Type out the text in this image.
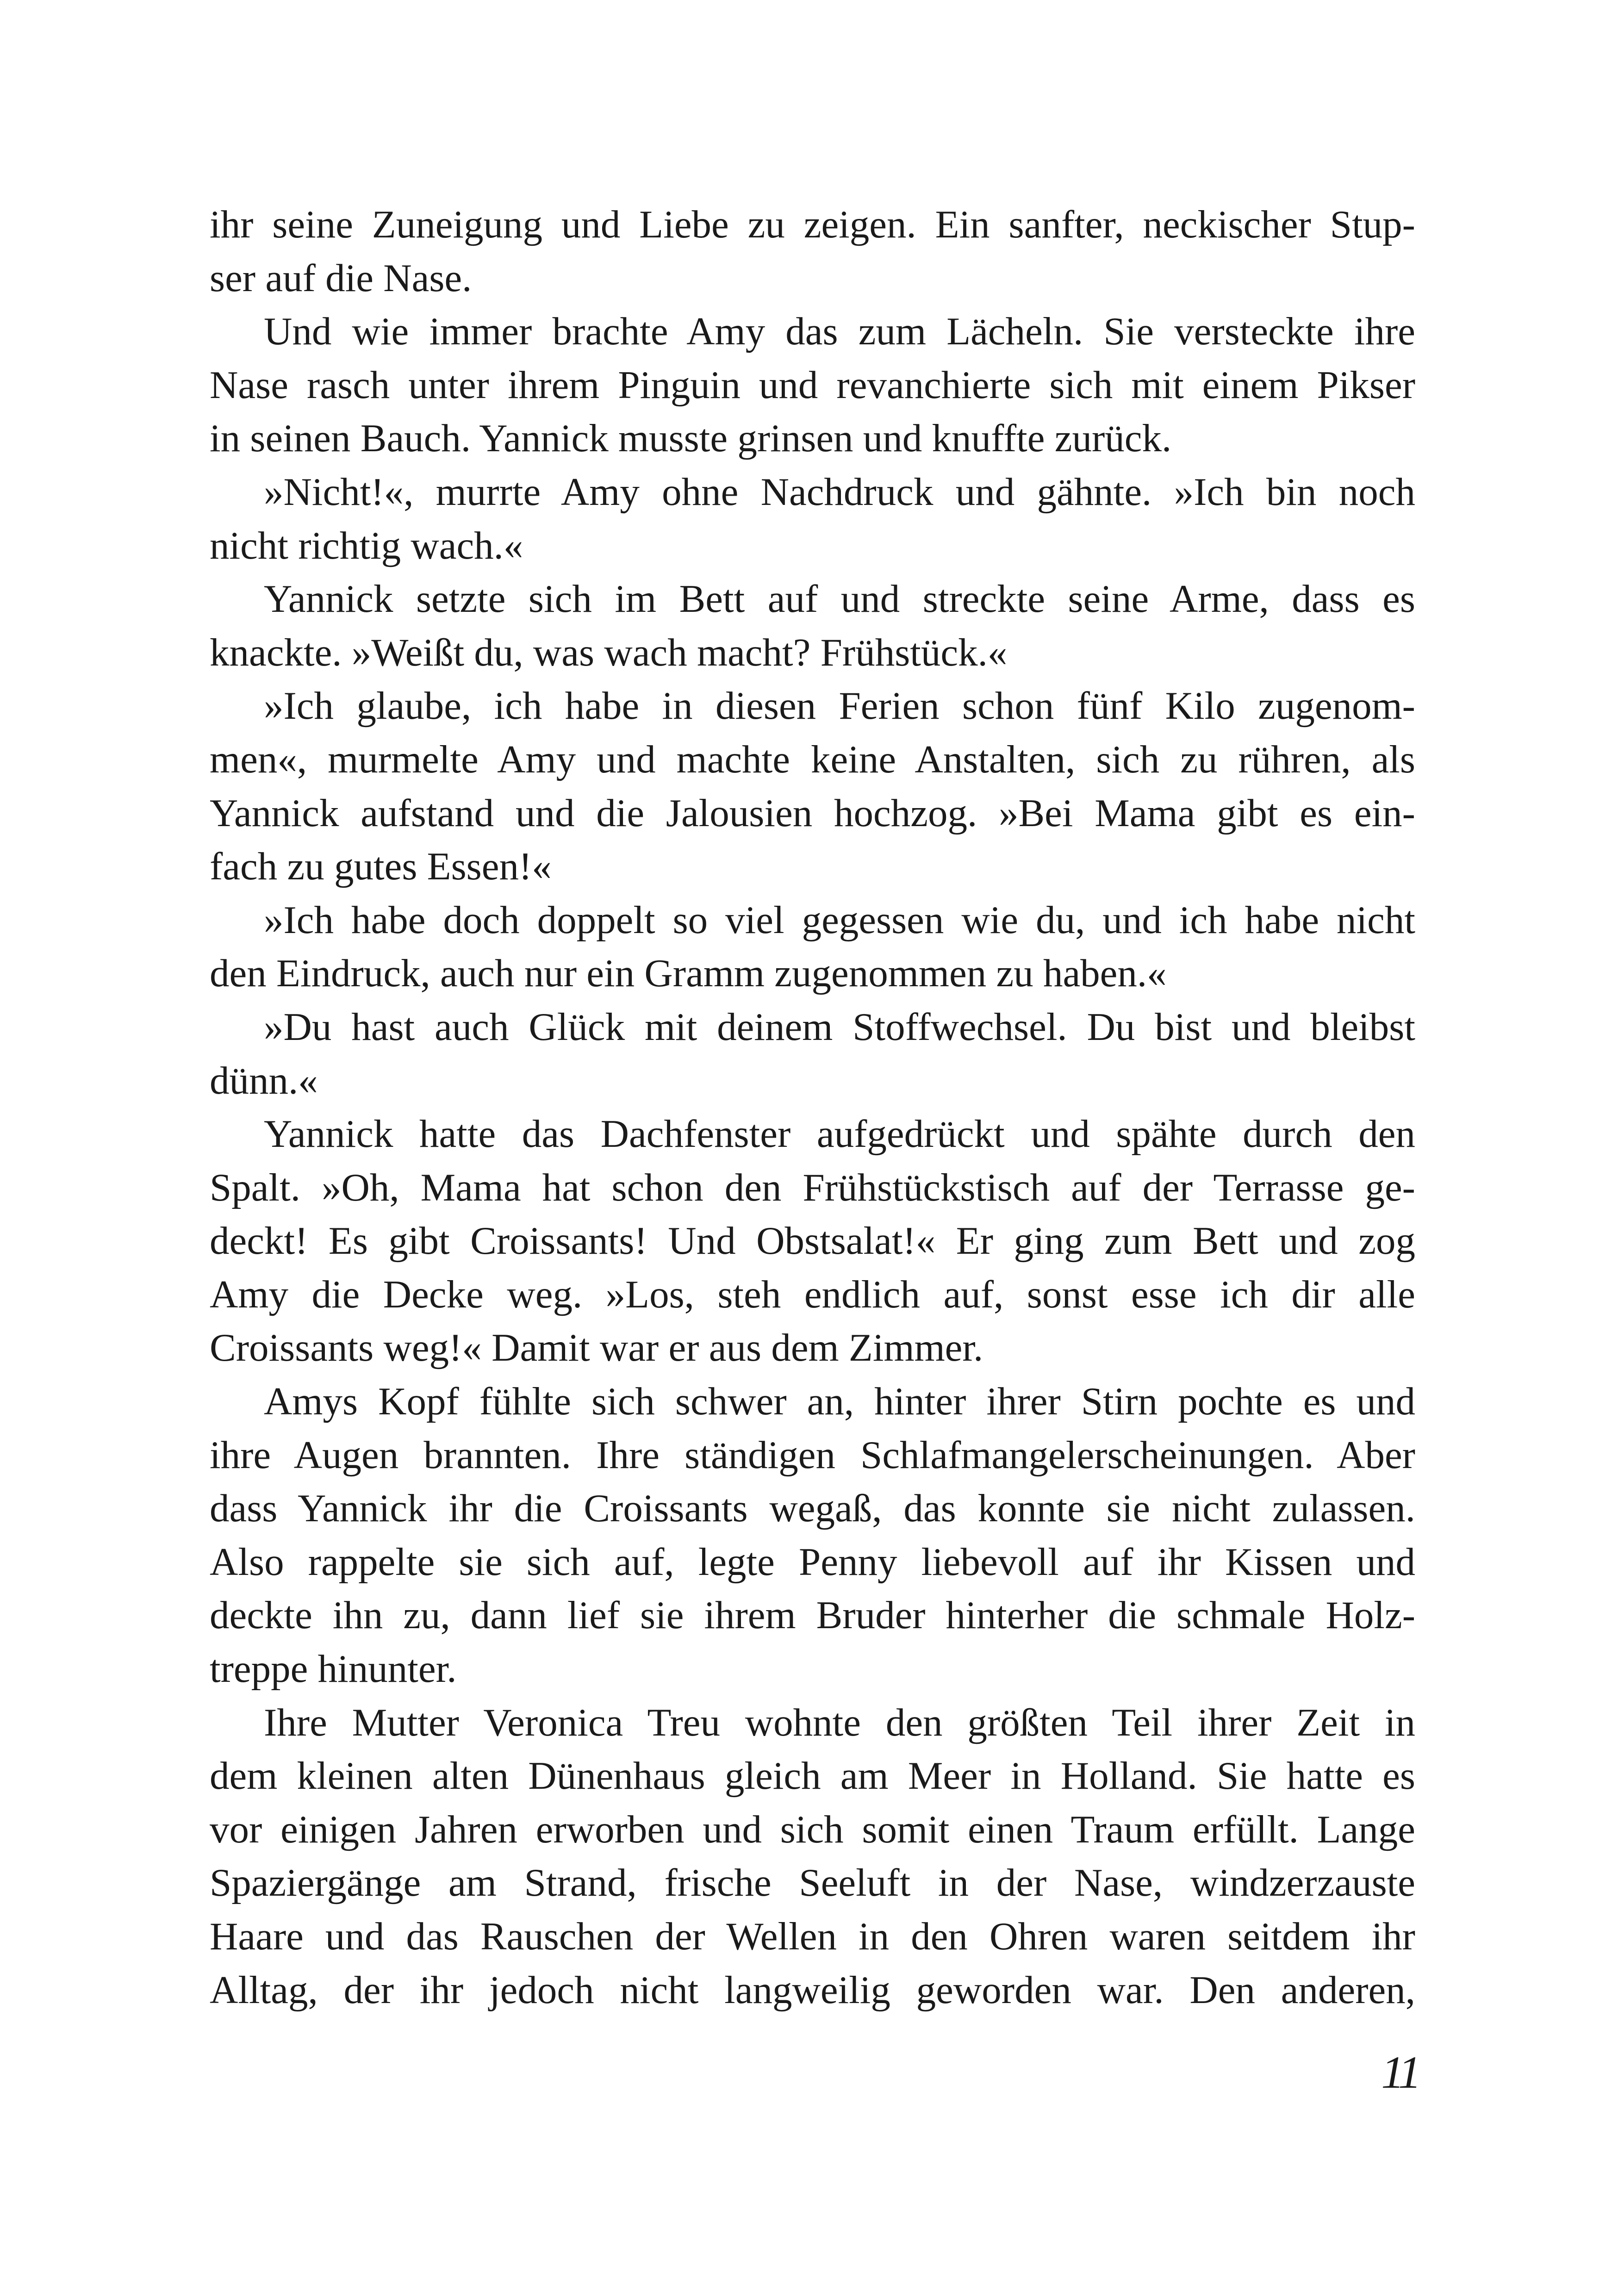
ihr seine Zuneigung und Liebe zu zeigen. Ein sanfter, neckischer Stup-
ser auf die Nase.

Und wie immer brachte Amy das zum Lächeln. Sie versteckte ihre
Nase rasch unter ihrem Pinguin und revanchierte sich mit einem Pikser
in seinen Bauch. Yannick musste grinsen und knuffte zurück.

»Nicht!«, murrte Amy ohne Nachdruck und gähnte. »Ich bin noch
nicht richtig wach.«

Yannick setzte sich im Bett auf und streckte seine Arme, dass es
knackte. »Weißt du, was wach macht? Frühstück.«

»Ich glaube, ich habe in diesen Ferien schon fünf Kilo zugenom-
men«, murmelte Amy und machte keine Anstalten, sich zu rühren, als
Yannick aufstand und die Jalousien hochzog. »Bei Mama gibt es ein-
fach zu gutes Essen!«

»Ich habe doch doppelt so viel gegessen wie du, und ich habe nicht
den Eindruck, auch nur ein Gramm zugenommen zu haben.«

»Du hast auch Glück mit deinem Stoffwechsel. Du bist und bleibst
dünn.«

Yannick hatte das Dachfenster aufgedrückt und spähte durch den
Spalt. »Oh, Mama hat schon den Frühstückstisch auf der Terrasse ge-
deckt! Es gibt Croissants! Und Obstsalat!« Er ging zum Bett und zog
Amy die Decke weg. »Los, steh endlich auf, sonst esse ich dir alle
Croissants weg!« Damit war er aus dem Zimmer.

Amys Kopf fühlte sich schwer an, hinter ihrer Stirn pochte es und
ihre Augen brannten. Ihre ständigen Schlafmangelerscheinungen. Aber
dass Yannick ihr die Croissants wegaß, das konnte sie nicht zulassen.
Also rappelte sie sich auf, legte Penny liebevoll auf ihr Kissen und
deckte ihn zu, dann lief sie ihrem Bruder hinterher die schmale Holz-
treppe hinunter.

Ihre Mutter Veronica Treu wohnte den größten Teil ihrer Zeit in
dem kleinen alten Dünenhaus gleich am Meer in Holland. Sie hatte es
vor einigen Jahren erworben und sich somit einen Traum erfüllt. Lange
Spaziergänge am Strand, frische Seeluft in der Nase, windzerzauste
Haare und das Rauschen der Wellen in den Ohren waren seitdem ihr
Alltag, der ihr jedoch nicht langweilig geworden war. Den anderen,

11
